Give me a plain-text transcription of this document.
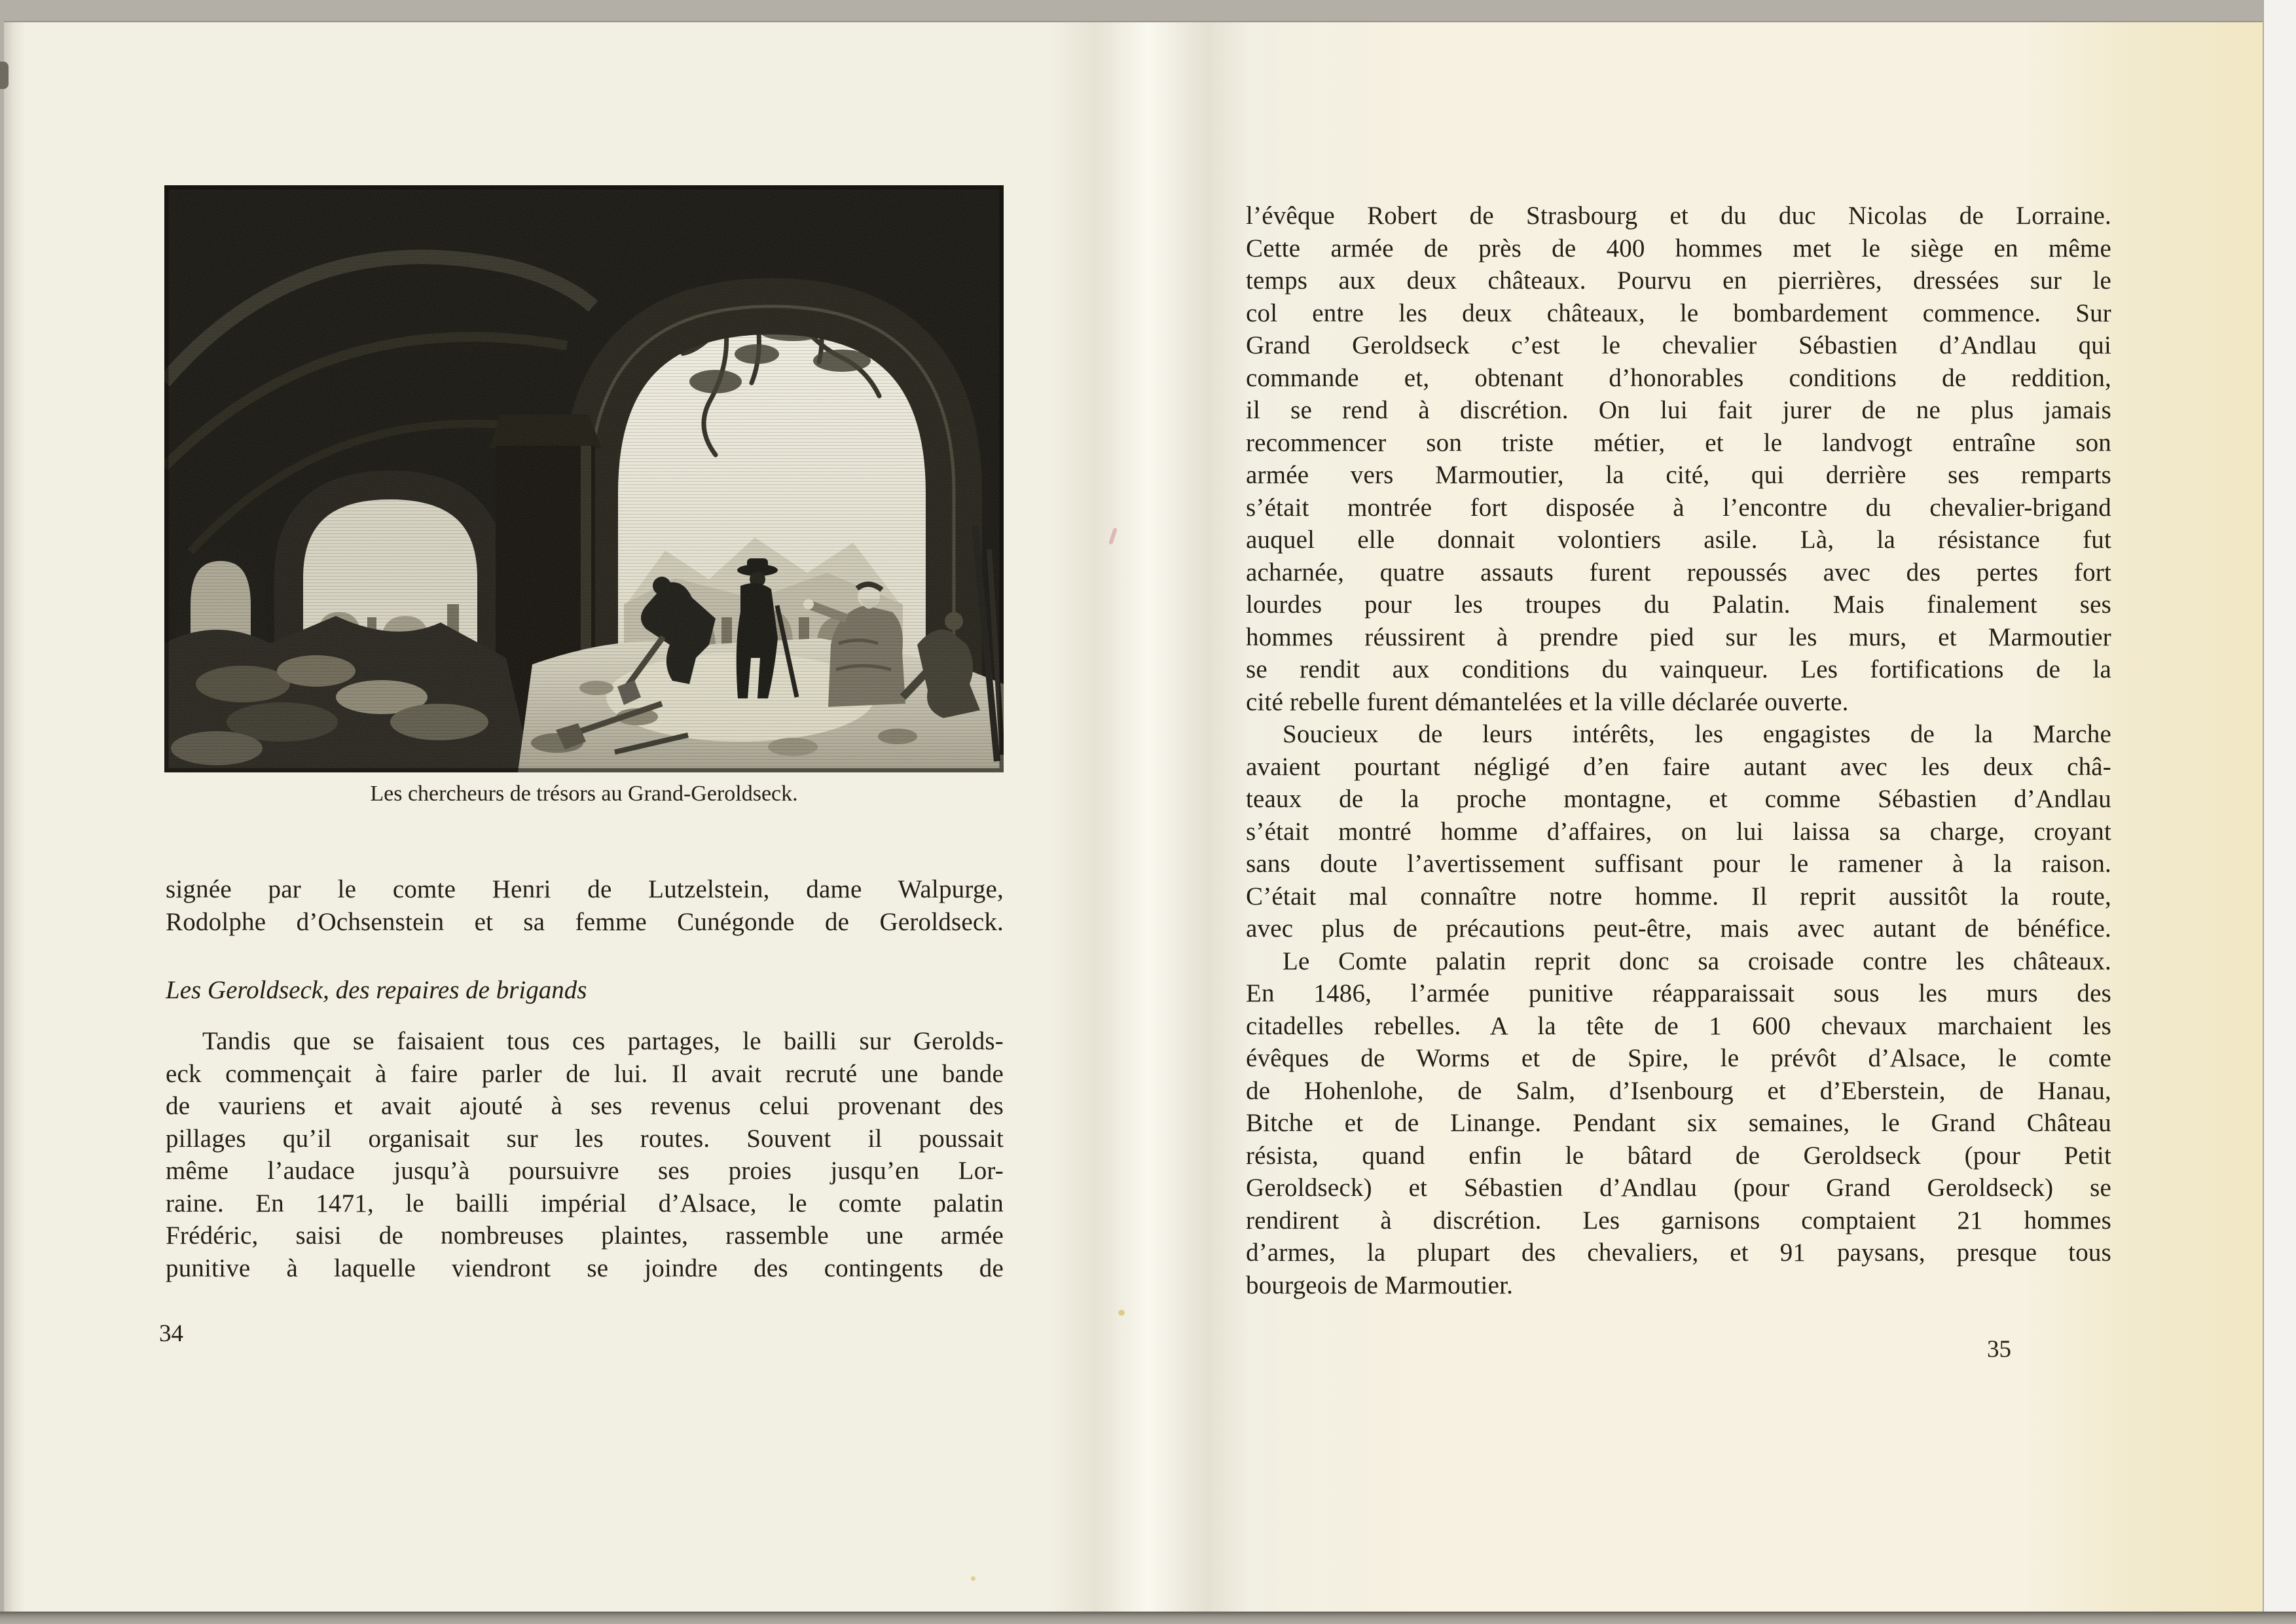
Les chercheurs de trésors au Grand-Geroldseck.
signée par le comte Henri de Lutzelstein, dame Walpurge,
Rodolphe d’Ochsenstein et sa femme Cunégonde de Geroldseck.
Les Geroldseck, des repaires de brigands
Tandis que se faisaient tous ces partages, le bailli sur Gerolds-
eck commençait à faire parler de lui. Il avait recruté une bande
de vauriens et avait ajouté à ses revenus celui provenant des
pillages qu’il organisait sur les routes. Souvent il poussait
même l’audace jusqu’à poursuivre ses proies jusqu’en Lor-
raine. En 1471, le bailli impérial d’Alsace, le comte palatin
Frédéric, saisi de nombreuses plaintes, rassemble une armée
punitive à laquelle viendront se joindre des contingents de
34
l’évêque Robert de Strasbourg et du duc Nicolas de Lorraine.
Cette armée de près de 400 hommes met le siège en même
temps aux deux châteaux. Pourvu en pierrières, dressées sur le
col entre les deux châteaux, le bombardement commence. Sur
Grand Geroldseck c’est le chevalier Sébastien d’Andlau qui
commande et, obtenant d’honorables conditions de reddition,
il se rend à discrétion. On lui fait jurer de ne plus jamais
recommencer son triste métier, et le landvogt entraîne son
armée vers Marmoutier, la cité, qui derrière ses remparts
s’était montrée fort disposée à l’encontre du chevalier-brigand
auquel elle donnait volontiers asile. Là, la résistance fut
acharnée, quatre assauts furent repoussés avec des pertes fort
lourdes pour les troupes du Palatin. Mais finalement ses
hommes réussirent à prendre pied sur les murs, et Marmoutier
se rendit aux conditions du vainqueur. Les fortifications de la
cité rebelle furent démantelées et la ville déclarée ouverte.
Soucieux de leurs intérêts, les engagistes de la Marche
avaient pourtant négligé d’en faire autant avec les deux châ-
teaux de la proche montagne, et comme Sébastien d’Andlau
s’était montré homme d’affaires, on lui laissa sa charge, croyant
sans doute l’avertissement suffisant pour le ramener à la raison.
C’était mal connaître notre homme. Il reprit aussitôt la route,
avec plus de précautions peut-être, mais avec autant de bénéfice.
Le Comte palatin reprit donc sa croisade contre les châteaux.
En 1486, l’armée punitive réapparaissait sous les murs des
citadelles rebelles. A la tête de 1 600 chevaux marchaient les
évêques de Worms et de Spire, le prévôt d’Alsace, le comte
de Hohenlohe, de Salm, d’Isenbourg et d’Eberstein, de Hanau,
Bitche et de Linange. Pendant six semaines, le Grand Château
résista, quand enfin le bâtard de Geroldseck (pour Petit
Geroldseck) et Sébastien d’Andlau (pour Grand Geroldseck) se
rendirent à discrétion. Les garnisons comptaient 21 hommes
d’armes, la plupart des chevaliers, et 91 paysans, presque tous
bourgeois de Marmoutier.
35
